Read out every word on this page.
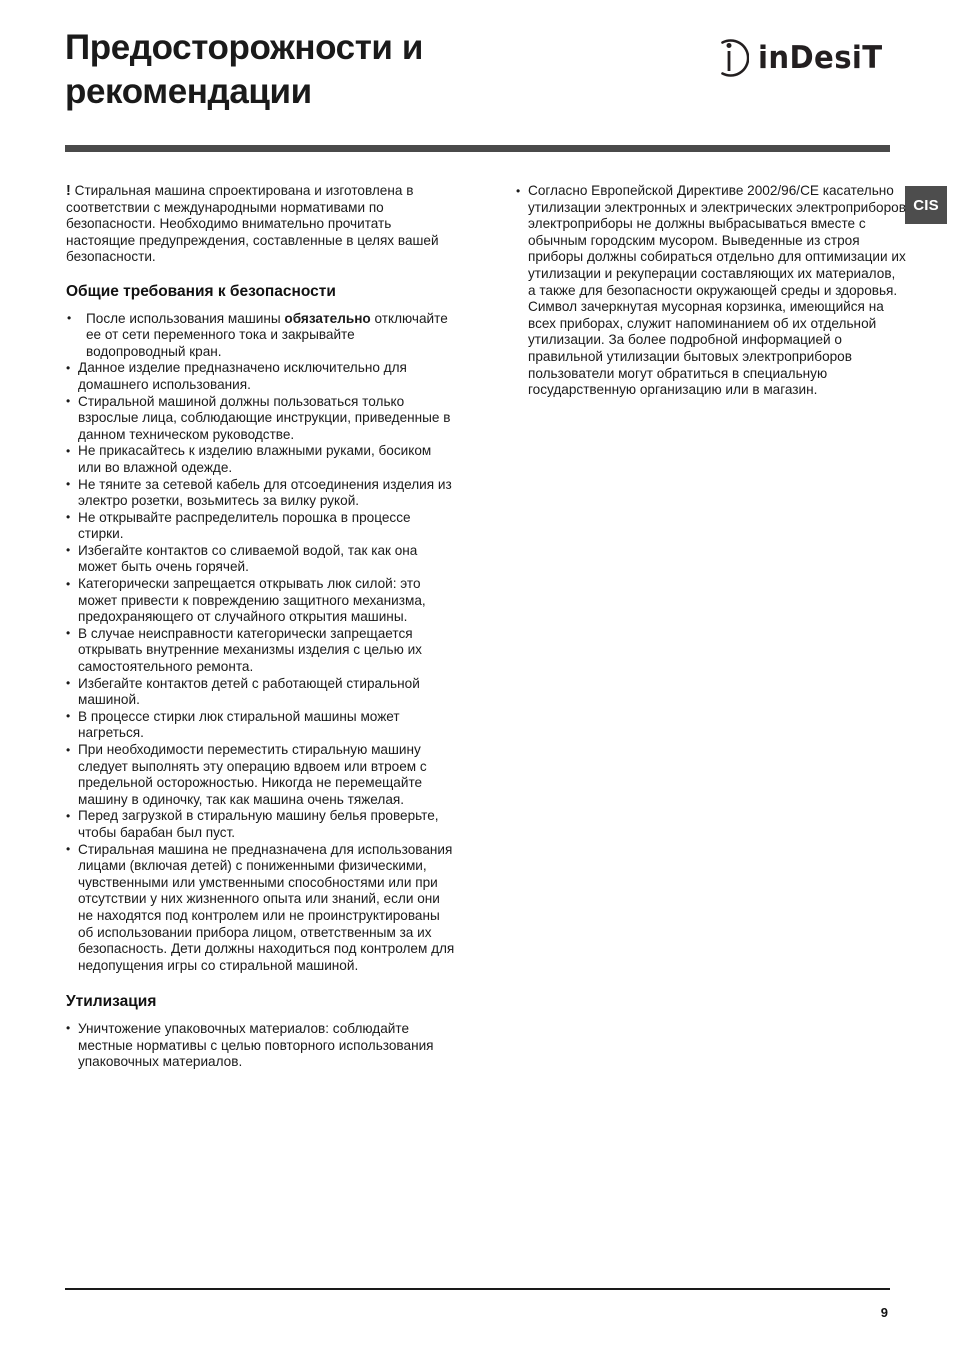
Предосторожности и рекомендации
inDesiT
CIS

! Стиральная машина спроектирована и изготовлена в соответствии с международными нормативами по безопасности. Необходимо внимательно прочитать настоящие предупреждения, составленные в целях вашей безопасности.

Общие требования к безопасности
• После использования машины обязательно отключайте ее от сети переменного тока и закрывайте водопроводный кран.
• Данное изделие предназначено исключительно для домашнего использования.
• Стиральной машиной должны пользоваться только взрослые лица, соблюдающие инструкции, приведенные в данном техническом руководстве.
• Не прикасайтесь к изделию влажными руками, босиком или во влажной одежде.
• Не тяните за сетевой кабель для отсоединения изделия из электро розетки, возьмитесь за вилку рукой.
• Не открывайте распределитель порошка в процессе стирки.
• Избегайте контактов со сливаемой водой, так как она может быть очень горячей.
• Категорически запрещается открывать люк силой: это может привести к повреждению защитного механизма, предохраняющего от случайного открытия машины.
• В случае неисправности категорически запрещается открывать внутренние механизмы изделия с целью их самостоятельного ремонта.
• Избегайте контактов детей с работающей стиральной машиной.
• В процессе стирки люк стиральной машины может нагреться.
• При необходимости переместить стиральную машину следует выполнять эту операцию вдвоем или втроем с предельной осторожностью. Никогда не перемещайте машину в одиночку, так как машина очень тяжелая.
• Перед загрузкой в стиральную машину белья проверьте, чтобы барабан был пуст.
• Стиральная машина не предназначена для использования лицами (включая детей) с пониженными физическими, чувственными или умственными способностями или при отсутствии у них жизненного опыта или знаний, если они не находятся под контролем или не проинструктированы об использовании прибора лицом, ответственным за их безопасность. Дети должны находиться под контролем для недопущения игры со стиральной машиной.
Утилизация
• Уничтожение упаковочных материалов: соблюдайте местные нормативы с целью повторного использования упаковочных материалов.
• Согласно Европейской Директиве 2002/96/CE касательно утилизации электронных и электрических электроприборов электроприборы не должны выбрасываться вместе с обычным городским мусором. Выведенные из строя приборы должны собираться отдельно для оптимизации их утилизации и рекуперации составляющих их материалов, а также для безопасности окружающей среды и здоровья. Символ зачеркнутая мусорная корзинка, имеющийся на всех приборах, служит напоминанием об их отдельной утилизации. За более подробной информацией о правильной утилизации бытовых электроприборов пользователи могут обратиться в специальную государственную организацию или в магазин.
9
